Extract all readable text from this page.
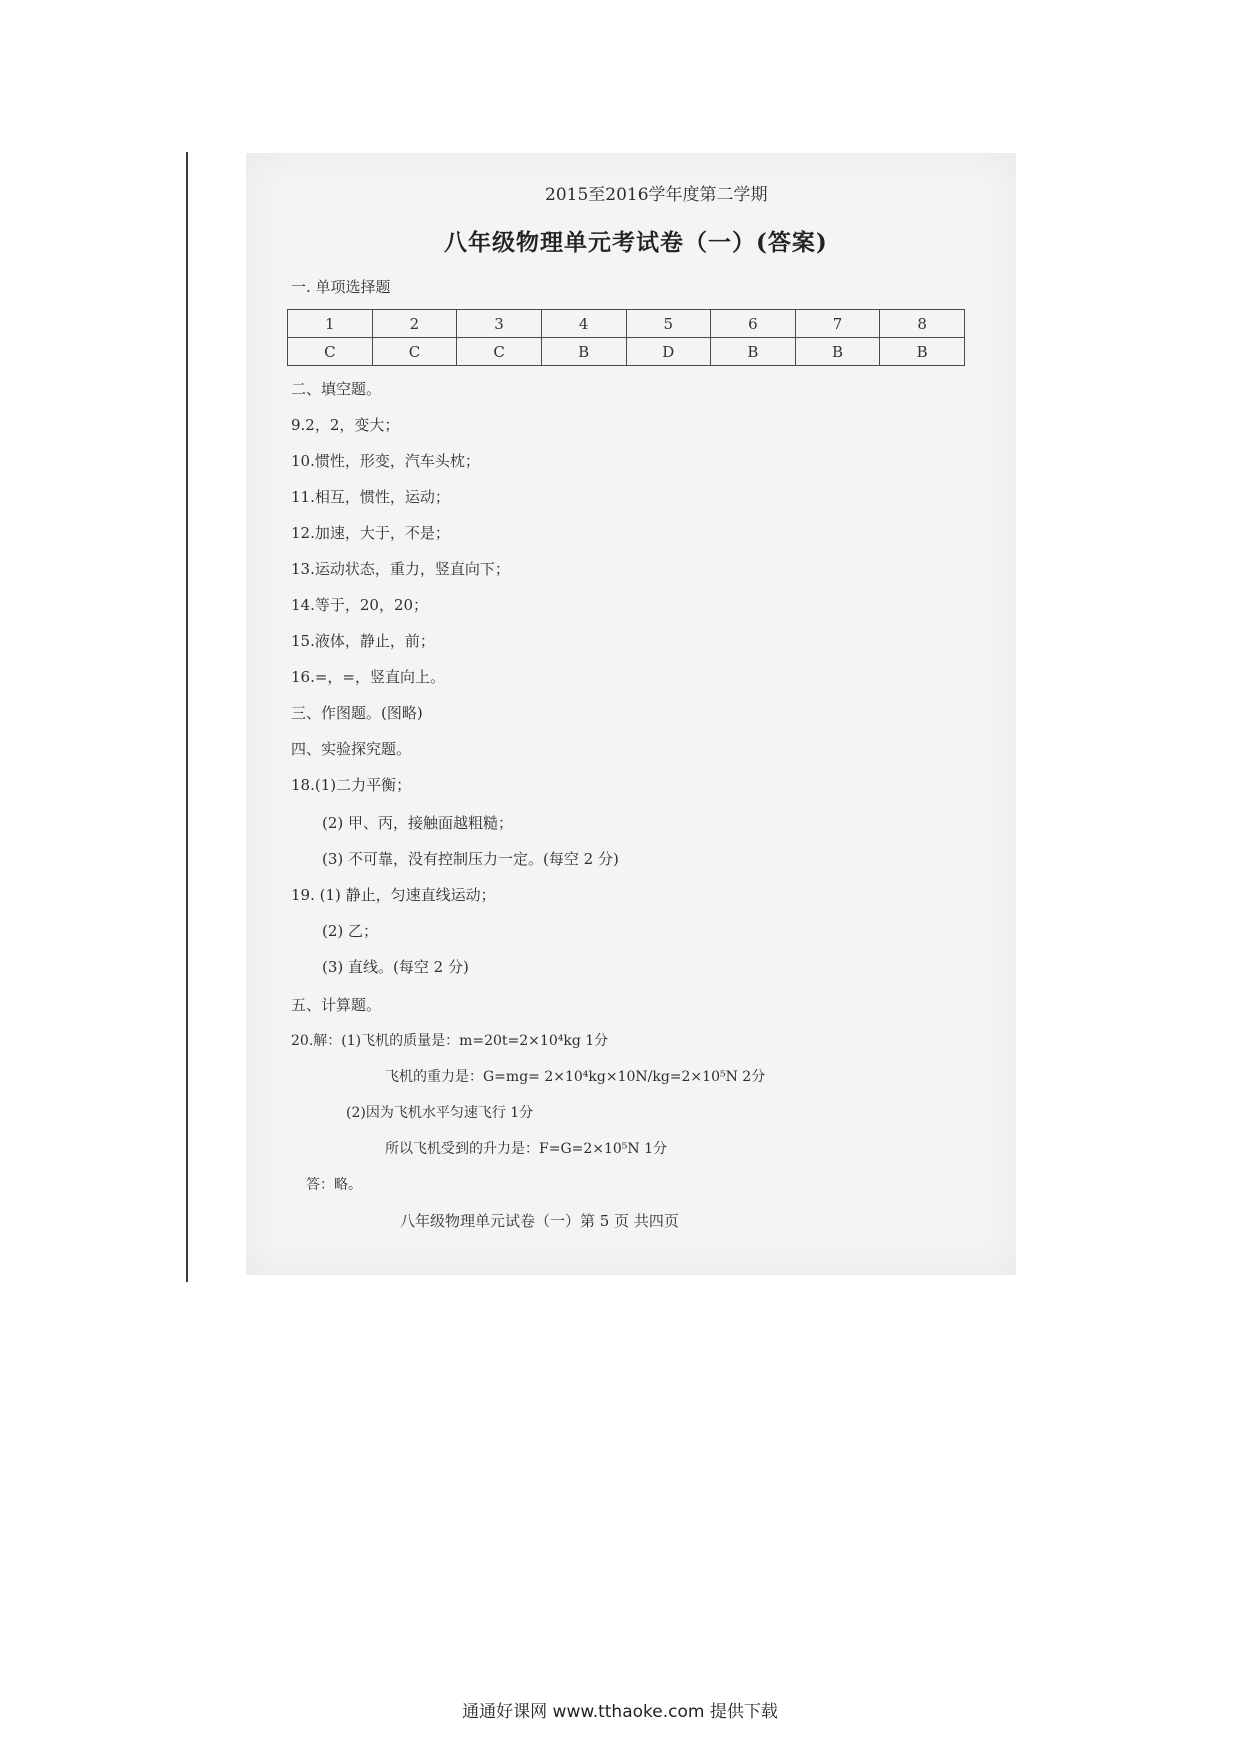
2015至2016学年度第二学期
八年级物理单元考试卷（一）(答案)
一. 单项选择题
1	2	3	4	5	6	7	8
C	C	C	B	D	B	B	B
二、填空题。
9.2，2，变大；
10.惯性，形变，汽车头枕；
11.相互，惯性，运动；
12.加速，大于，不是；
13.运动状态，重力，竖直向下；
14.等于，20，20；
15.液体，静止，前；
16.=，=，竖直向上。
三、作图题。(图略)
四、实验探究题。
18.(1)二力平衡；
(2) 甲、丙，接触面越粗糙；
(3) 不可靠，没有控制压力一定。(每空 2 分)
19. (1) 静止，匀速直线运动；
(2) 乙；
(3) 直线。(每空 2 分)
五、计算题。
20.解：(1)飞机的质量是：m=20t=2×10⁴kg 1分
飞机的重力是：G=mg= 2×10⁴kg×10N/kg=2×10⁵N 2分
(2)因为飞机水平匀速飞行 1分
所以飞机受到的升力是：F=G=2×10⁵N 1分
答：略。
八年级物理单元试卷（一）第 5 页 共四页
通通好课网 www.tthaoke.com 提供下载
